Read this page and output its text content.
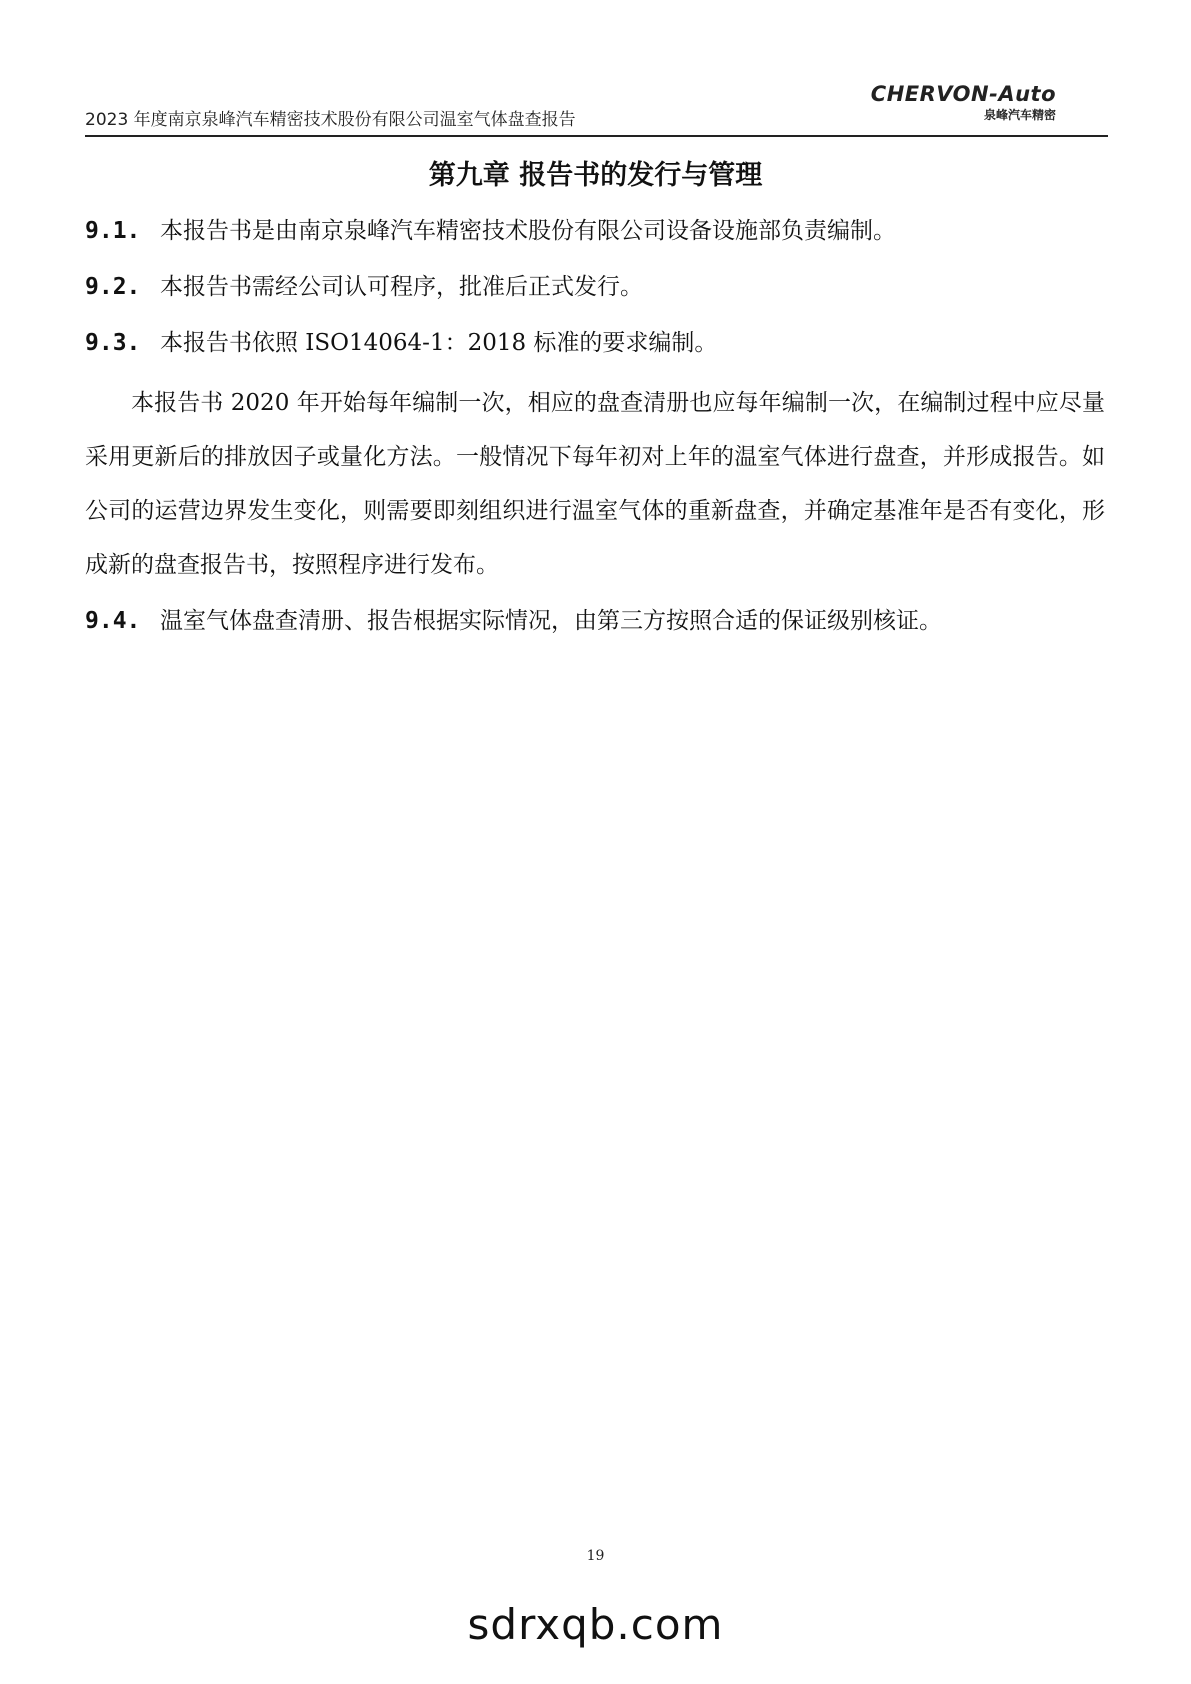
2023 年度南京泉峰汽车精密技术股份有限公司温室气体盘查报告
CHERVON-Auto
泉峰汽车精密
第九章 报告书的发行与管理
9.1. 本报告书是由南京泉峰汽车精密技术股份有限公司设备设施部负责编制。
9.2. 本报告书需经公司认可程序，批准后正式发行。
9.3. 本报告书依照 ISO14064-1：2018 标准的要求编制。
本报告书 2020 年开始每年编制一次，相应的盘查清册也应每年编制一次，在编制过程中应尽量采用更新后的排放因子或量化方法。一般情况下每年初对上年的温室气体进行盘查，并形成报告。如公司的运营边界发生变化，则需要即刻组织进行温室气体的重新盘查，并确定基准年是否有变化，形成新的盘查报告书，按照程序进行发布。
9.4. 温室气体盘查清册、报告根据实际情况，由第三方按照合适的保证级别核证。
19
sdrxqb.com
